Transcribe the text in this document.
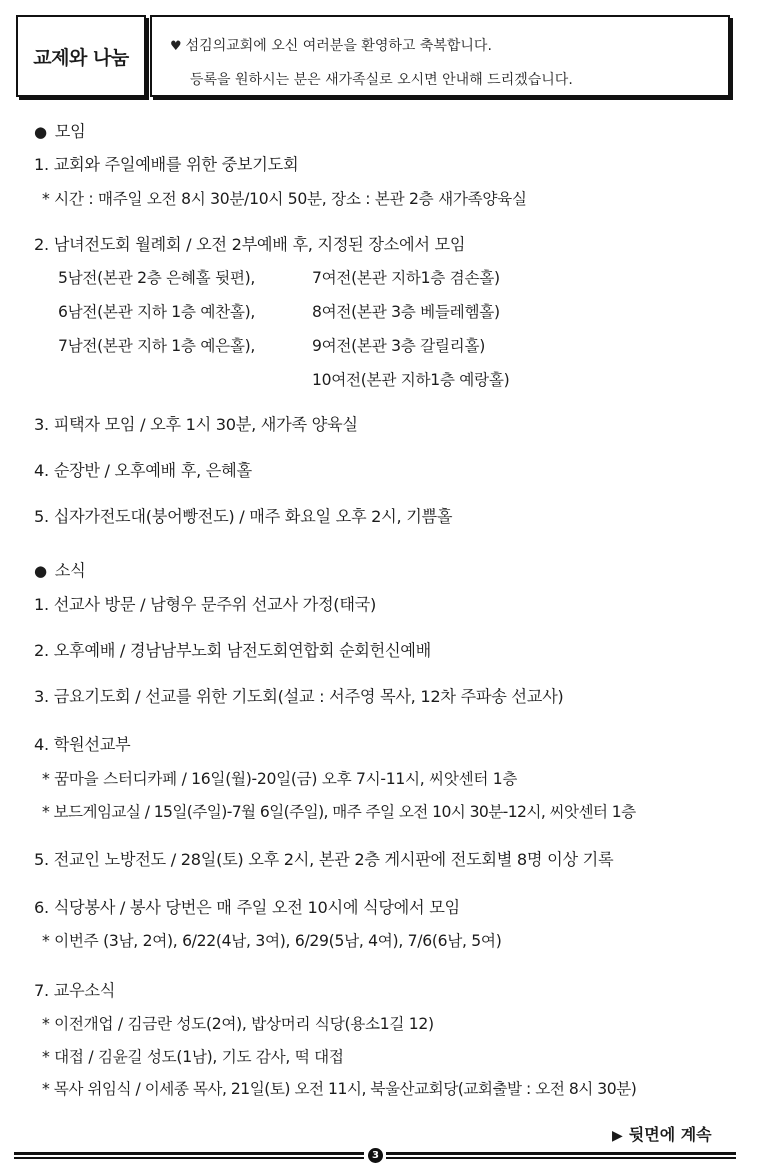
교제와 나눔	♥ 섬김의교회에 오신 여러분을 환영하고 축복합니다.
등록을 원하시는 분은 새가족실로 오시면 안내해 드리겠습니다.
● 모임
1. 교회와 주일예배를 위한 중보기도회
* 시간 : 매주일 오전 8시 30분/10시 50분, 장소 : 본관 2층 새가족양육실
2. 남녀전도회 월례회 / 오전 2부예배 후, 지정된 장소에서 모임
5남전(본관 2층 은혜홀 뒷편),	7여전(본관 지하1층 겸손홀)
6남전(본관 지하 1층 예찬홀),	8여전(본관 3층 베들레헴홀)
7남전(본관 지하 1층 예은홀),	9여전(본관 3층 갈릴리홀)
10여전(본관 지하1층 예랑홀)
3. 피택자 모임 / 오후 1시 30분, 새가족 양육실
4. 순장반 / 오후예배 후, 은혜홀
5. 십자가전도대(붕어빵전도) / 매주 화요일 오후 2시, 기쁨홀
● 소식
1. 선교사 방문 / 남형우 문주위 선교사 가정(태국)
2. 오후예배 / 경남남부노회 남전도회연합회 순회헌신예배
3. 금요기도회 / 선교를 위한 기도회(설교 : 서주영 목사, 12차 주파송 선교사)
4. 학원선교부
* 꿈마을 스터디카페 / 16일(월)-20일(금) 오후 7시-11시, 씨앗센터 1층
* 보드게임교실 / 15일(주일)-7월 6일(주일), 매주 주일 오전 10시 30분-12시, 씨앗센터 1층
5. 전교인 노방전도 / 28일(토) 오후 2시, 본관 2층 게시판에 전도회별 8명 이상 기록
6. 식당봉사 / 봉사 당번은 매 주일 오전 10시에 식당에서 모임
* 이번주 (3남, 2여), 6/22(4남, 3여), 6/29(5남, 4여), 7/6(6남, 5여)
7. 교우소식
* 이전개업 / 김금란 성도(2여), 밥상머리 식당(용소1길 12)
* 대접 / 김윤길 성도(1남), 기도 감사, 떡 대접
* 목사 위임식 / 이세종 목사, 21일(토) 오전 11시, 북울산교회당(교회출발 : 오전 8시 30분)
▶ 뒷면에 계속
3
